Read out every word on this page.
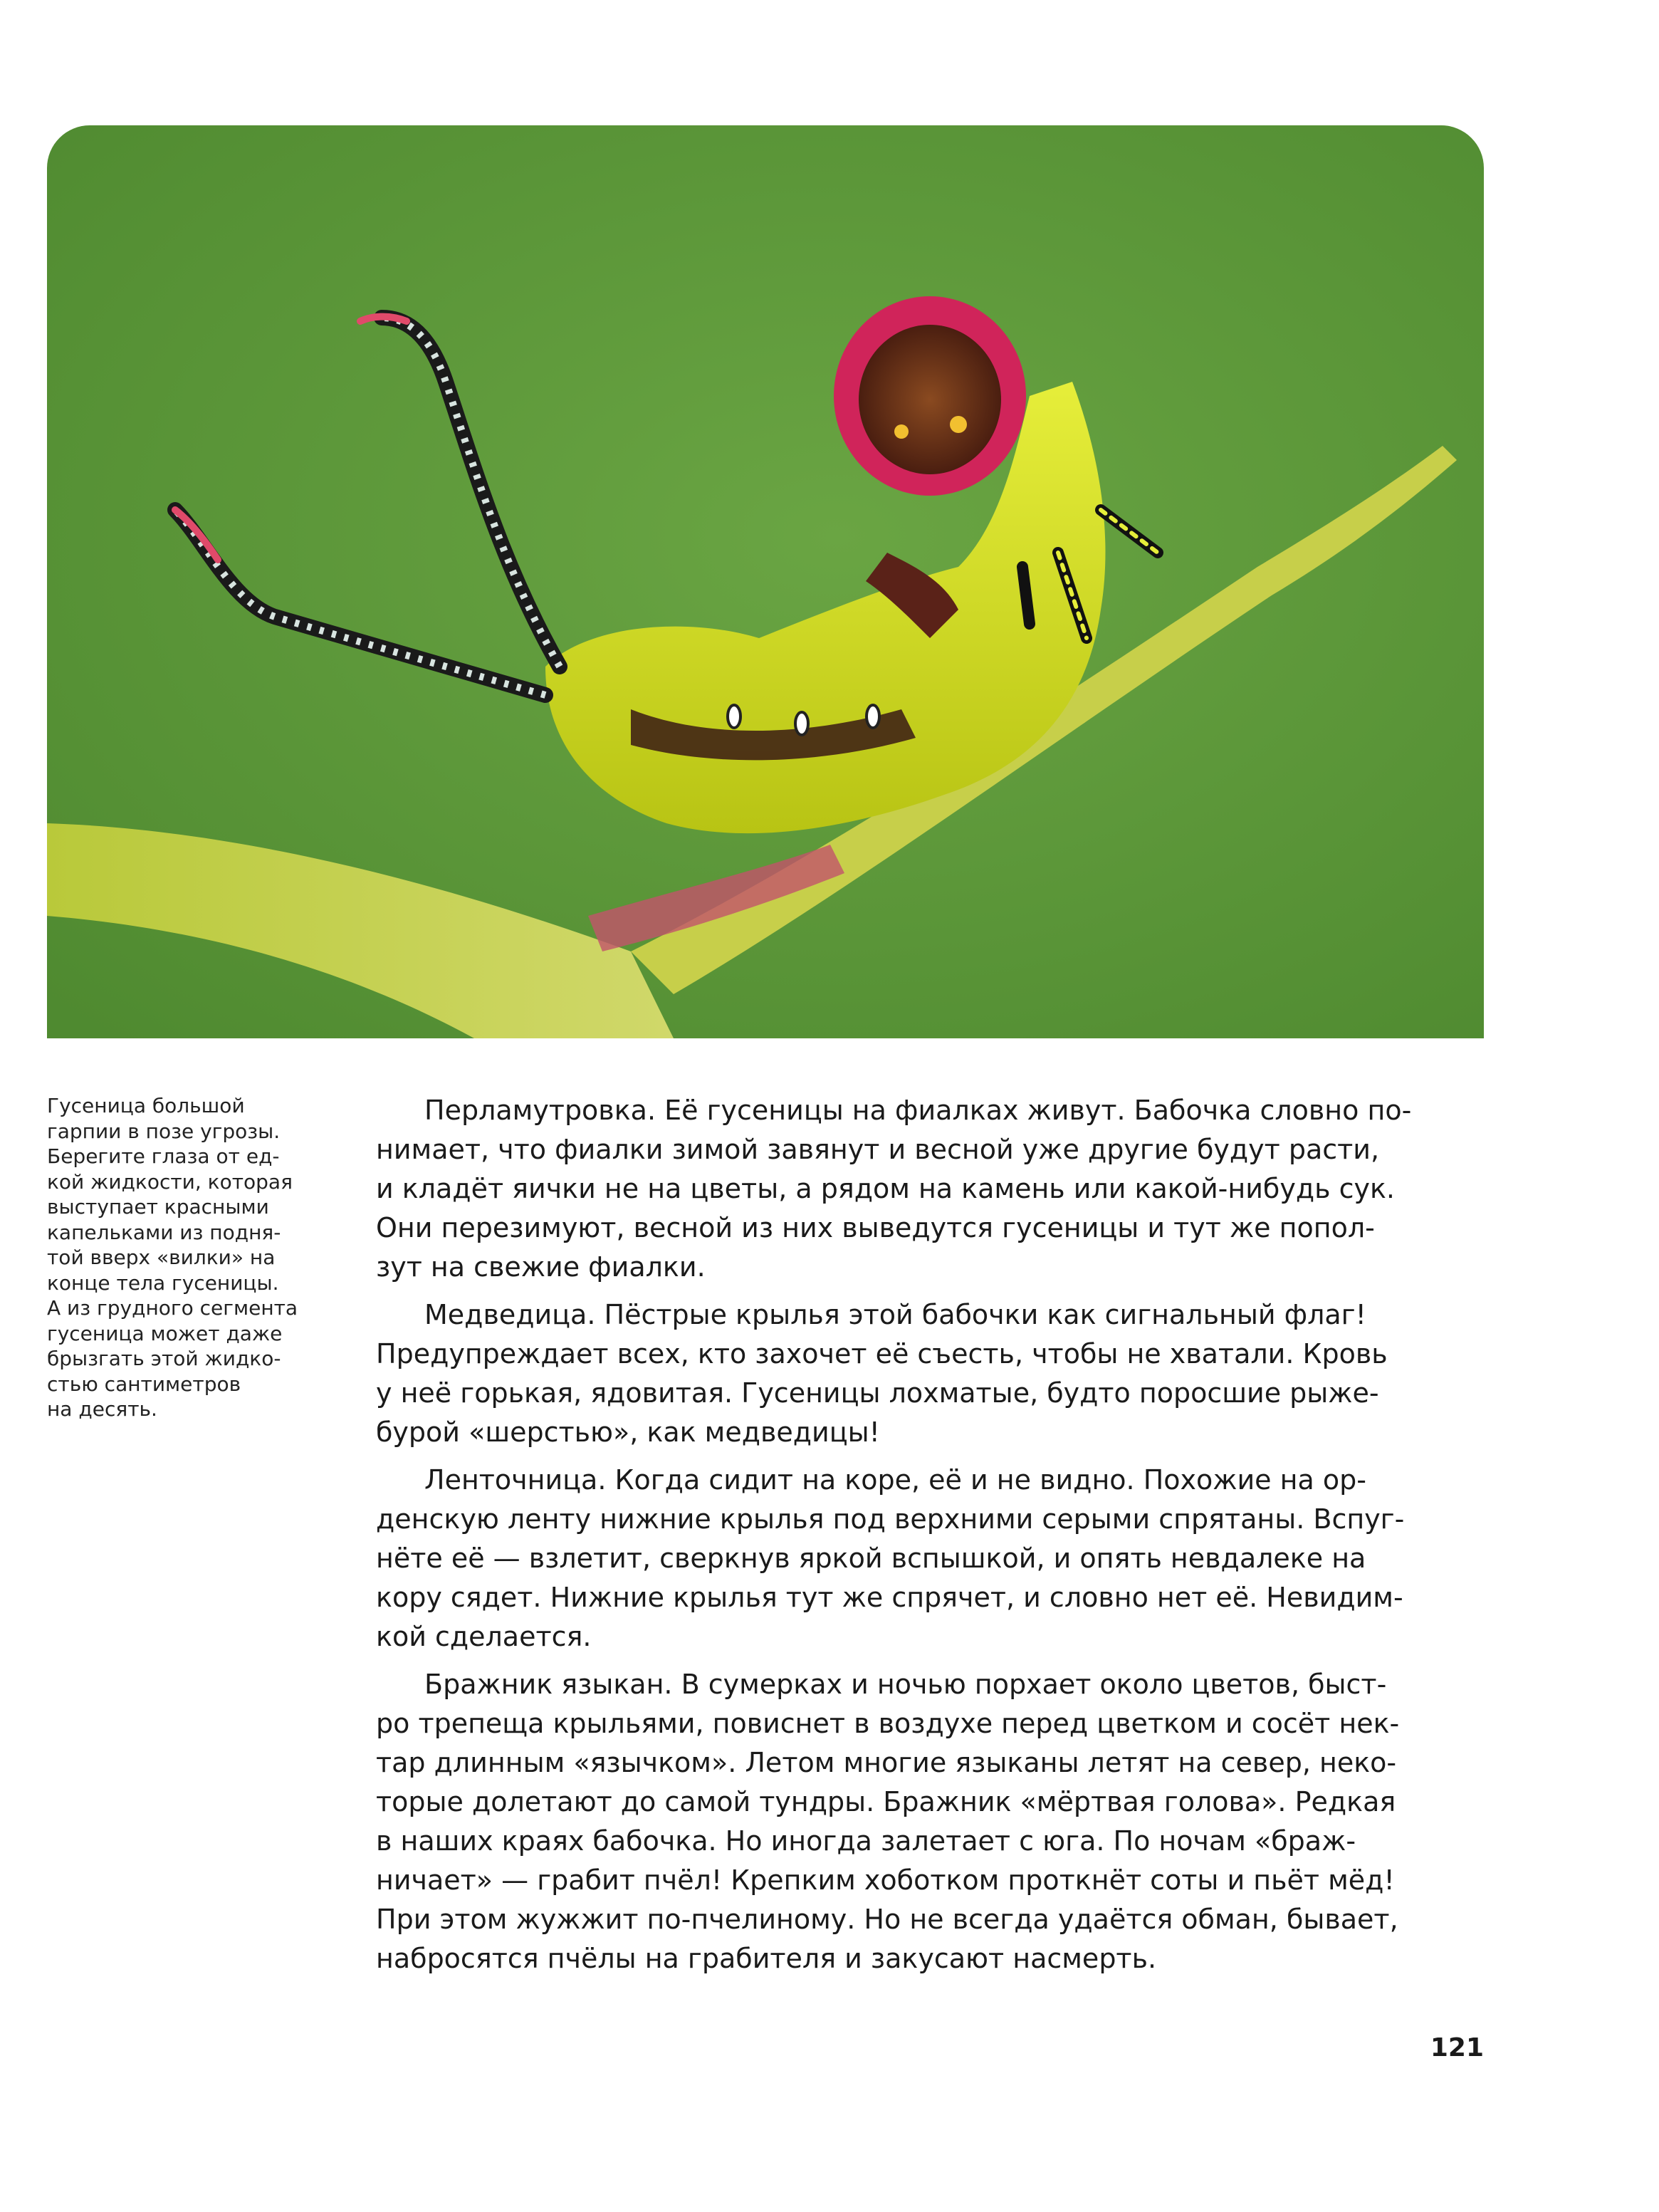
Гусеница большой
гарпии в позе угрозы.
Берегите глаза от ед-
кой жидкости, которая
выступает красными
капельками из подня-
той вверх «вилки» на
конце тела гусеницы.
А из грудного сегмента
гусеница может даже
брызгать этой жидко-
стью сантиметров
на десять.

Перламутровка. Её гусеницы на фиалках живут. Бабочка словно по-
нимает, что фиалки зимой завянут и весной уже другие будут расти,
и кладёт яички не на цветы, а рядом на камень или какой-нибудь сук.
Они перезимуют, весной из них выведутся гусеницы и тут же попол-
зут на свежие фиалки.

Медведица. Пёстрые крылья этой бабочки как сигнальный флаг!
Предупреждает всех, кто захочет её съесть, чтобы не хватали. Кровь
у неё горькая, ядовитая. Гусеницы лохматые, будто поросшие рыже-
бурой «шерстью», как медведицы!

Ленточница. Когда сидит на коре, её и не видно. Похожие на ор-
денскую ленту нижние крылья под верхними серыми спрятаны. Вспуг-
нёте её — взлетит, сверкнув яркой вспышкой, и опять невдалеке на
кору сядет. Нижние крылья тут же спрячет, и словно нет её. Невидим-
кой сделается.

Бражник языкан. В сумерках и ночью порхает около цветов, быст-
ро трепеща крыльями, повиснет в воздухе перед цветком и сосёт нек-
тар длинным «язычком». Летом многие языканы летят на север, неко-
торые долетают до самой тундры. Бражник «мёртвая голова». Редкая
в наших краях бабочка. Но иногда залетает с юга. По ночам «браж-
ничает» — грабит пчёл! Крепким хоботком проткнёт соты и пьёт мёд!
При этом жужжит по-пчелиному. Но не всегда удаётся обман, бывает,
набросятся пчёлы на грабителя и закусают насмерть.

121
